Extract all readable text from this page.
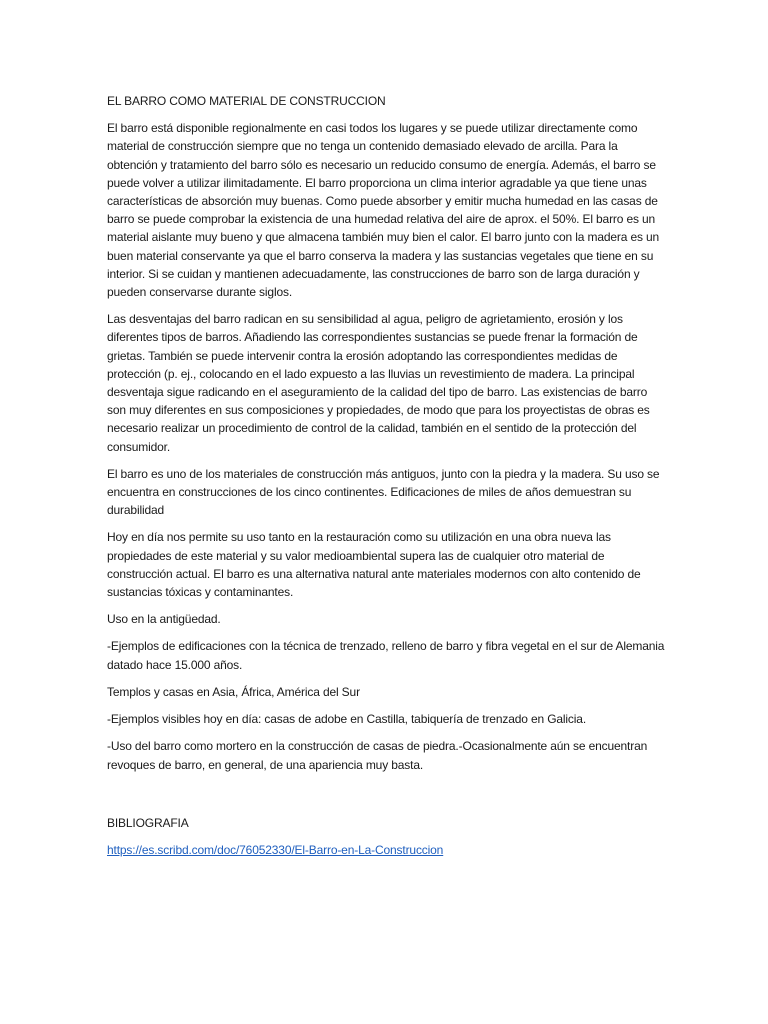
EL BARRO COMO MATERIAL DE CONSTRUCCION

El barro está disponible regionalmente en casi todos los lugares y se puede utilizar directamente como material de construcción siempre que no tenga un contenido demasiado elevado de arcilla. Para la obtención y tratamiento del barro sólo es necesario un reducido consumo de energía. Además, el barro se puede volver a utilizar ilimitadamente. El barro proporciona un clima interior agradable ya que tiene unas características de absorción muy buenas. Como puede absorber y emitir mucha humedad en las casas de barro se puede comprobar la existencia de una humedad relativa del aire de aprox. el 50%. El barro es un material aislante muy bueno y que almacena también muy bien el calor. El barro junto con la madera es un buen material conservante ya que el barro conserva la madera y las sustancias vegetales que tiene en su interior. Si se cuidan y mantienen adecuadamente, las construcciones de barro son de larga duración y pueden conservarse durante siglos.

Las desventajas del barro radican en su sensibilidad al agua, peligro de agrietamiento, erosión y los diferentes tipos de barros. Añadiendo las correspondientes sustancias se puede frenar la formación de grietas. También se puede intervenir contra la erosión adoptando las correspondientes medidas de protección (p. ej., colocando en el lado expuesto a las lluvias un revestimiento de madera. La principal desventaja sigue radicando en el aseguramiento de la calidad del tipo de barro. Las existencias de barro son muy diferentes en sus composiciones y propiedades, de modo que para los proyectistas de obras es necesario realizar un procedimiento de control de la calidad, también en el sentido de la protección del consumidor.

El barro es uno de los materiales de construcción más antiguos, junto con la piedra y la madera. Su uso se encuentra en construcciones de los cinco continentes. Edificaciones de miles de años demuestran su durabilidad

Hoy en día nos permite su uso tanto en la restauración como su utilización en una obra nueva las propiedades de este material y su valor medioambiental supera las de cualquier otro material de construcción actual. El barro es una alternativa natural ante materiales modernos con alto contenido de sustancias tóxicas y contaminantes.

Uso en la antigüedad.

-Ejemplos de edificaciones con la técnica de trenzado, relleno de barro y fibra vegetal en el sur de Alemania datado hace 15.000 años.

Templos y casas en Asia, África, América del Sur

-Ejemplos visibles hoy en día: casas de adobe en Castilla, tabiquería de trenzado en Galicia.

-Uso del barro como mortero en la construcción de casas de piedra.-Ocasionalmente aún se encuentran revoques de barro, en general, de una apariencia muy basta.

BIBLIOGRAFIA

https://es.scribd.com/doc/76052330/El-Barro-en-La-Construccion
